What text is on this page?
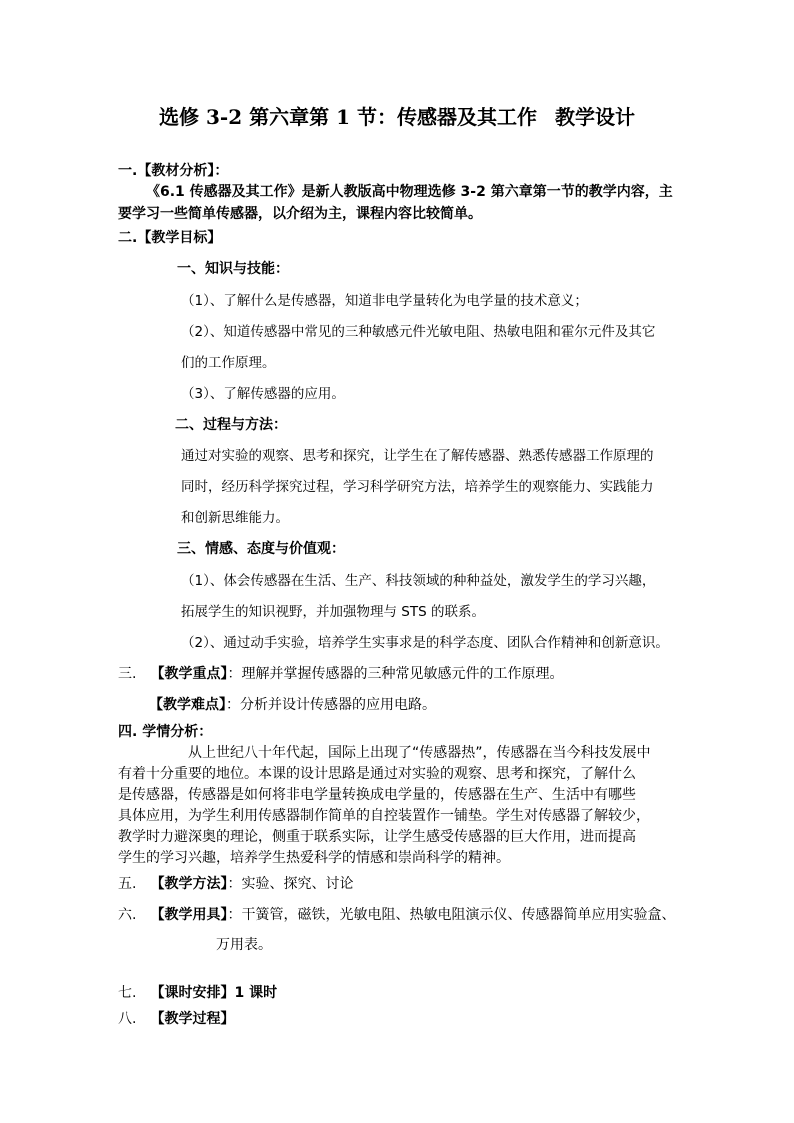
选修 3-2 第六章第 1 节：传感器及其工作 教学设计
一.【教材分析】：
《6.1 传感器及其工作》是新人教版高中物理选修 3-2 第六章第一节的教学内容，主
要学习一些简单传感器，以介绍为主，课程内容比较简单。
二.【教学目标】
一、知识与技能：
（1）、了解什么是传感器，知道非电学量转化为电学量的技术意义；
（2）、知道传感器中常见的三种敏感元件光敏电阻、热敏电阻和霍尔元件及其它
们的工作原理。
（3）、了解传感器的应用。
二、过程与方法：
通过对实验的观察、思考和探究，让学生在了解传感器、熟悉传感器工作原理的
同时，经历科学探究过程，学习科学研究方法，培养学生的观察能力、实践能力
和创新思维能力。
三、情感、态度与价值观：
（1）、体会传感器在生活、生产、科技领域的种种益处，激发学生的学习兴趣，
拓展学生的知识视野，并加强物理与 STS 的联系。
（2）、通过动手实验，培养学生实事求是的科学态度、团队合作精神和创新意识。
三. 【教学重点】：理解并掌握传感器的三种常见敏感元件的工作原理。
【教学难点】：分析并设计传感器的应用电路。
四. 学情分析：
从上世纪八十年代起，国际上出现了“传感器热”，传感器在当今科技发展中
有着十分重要的地位。本课的设计思路是通过对实验的观察、思考和探究，了解什么
是传感器，传感器是如何将非电学量转换成电学量的，传感器在生产、生活中有哪些
具体应用，为学生利用传感器制作简单的自控装置作一铺垫。学生对传感器了解较少，
教学时力避深奥的理论，侧重于联系实际，让学生感受传感器的巨大作用，进而提高
学生的学习兴趣，培养学生热爱科学的情感和崇尚科学的精神。
五. 【教学方法】：实验、探究、讨论
六. 【教学用具】：干簧管，磁铁，光敏电阻、热敏电阻演示仪、传感器简单应用实验盒、
万用表。
七. 【课时安排】1 课时
八. 【教学过程】
